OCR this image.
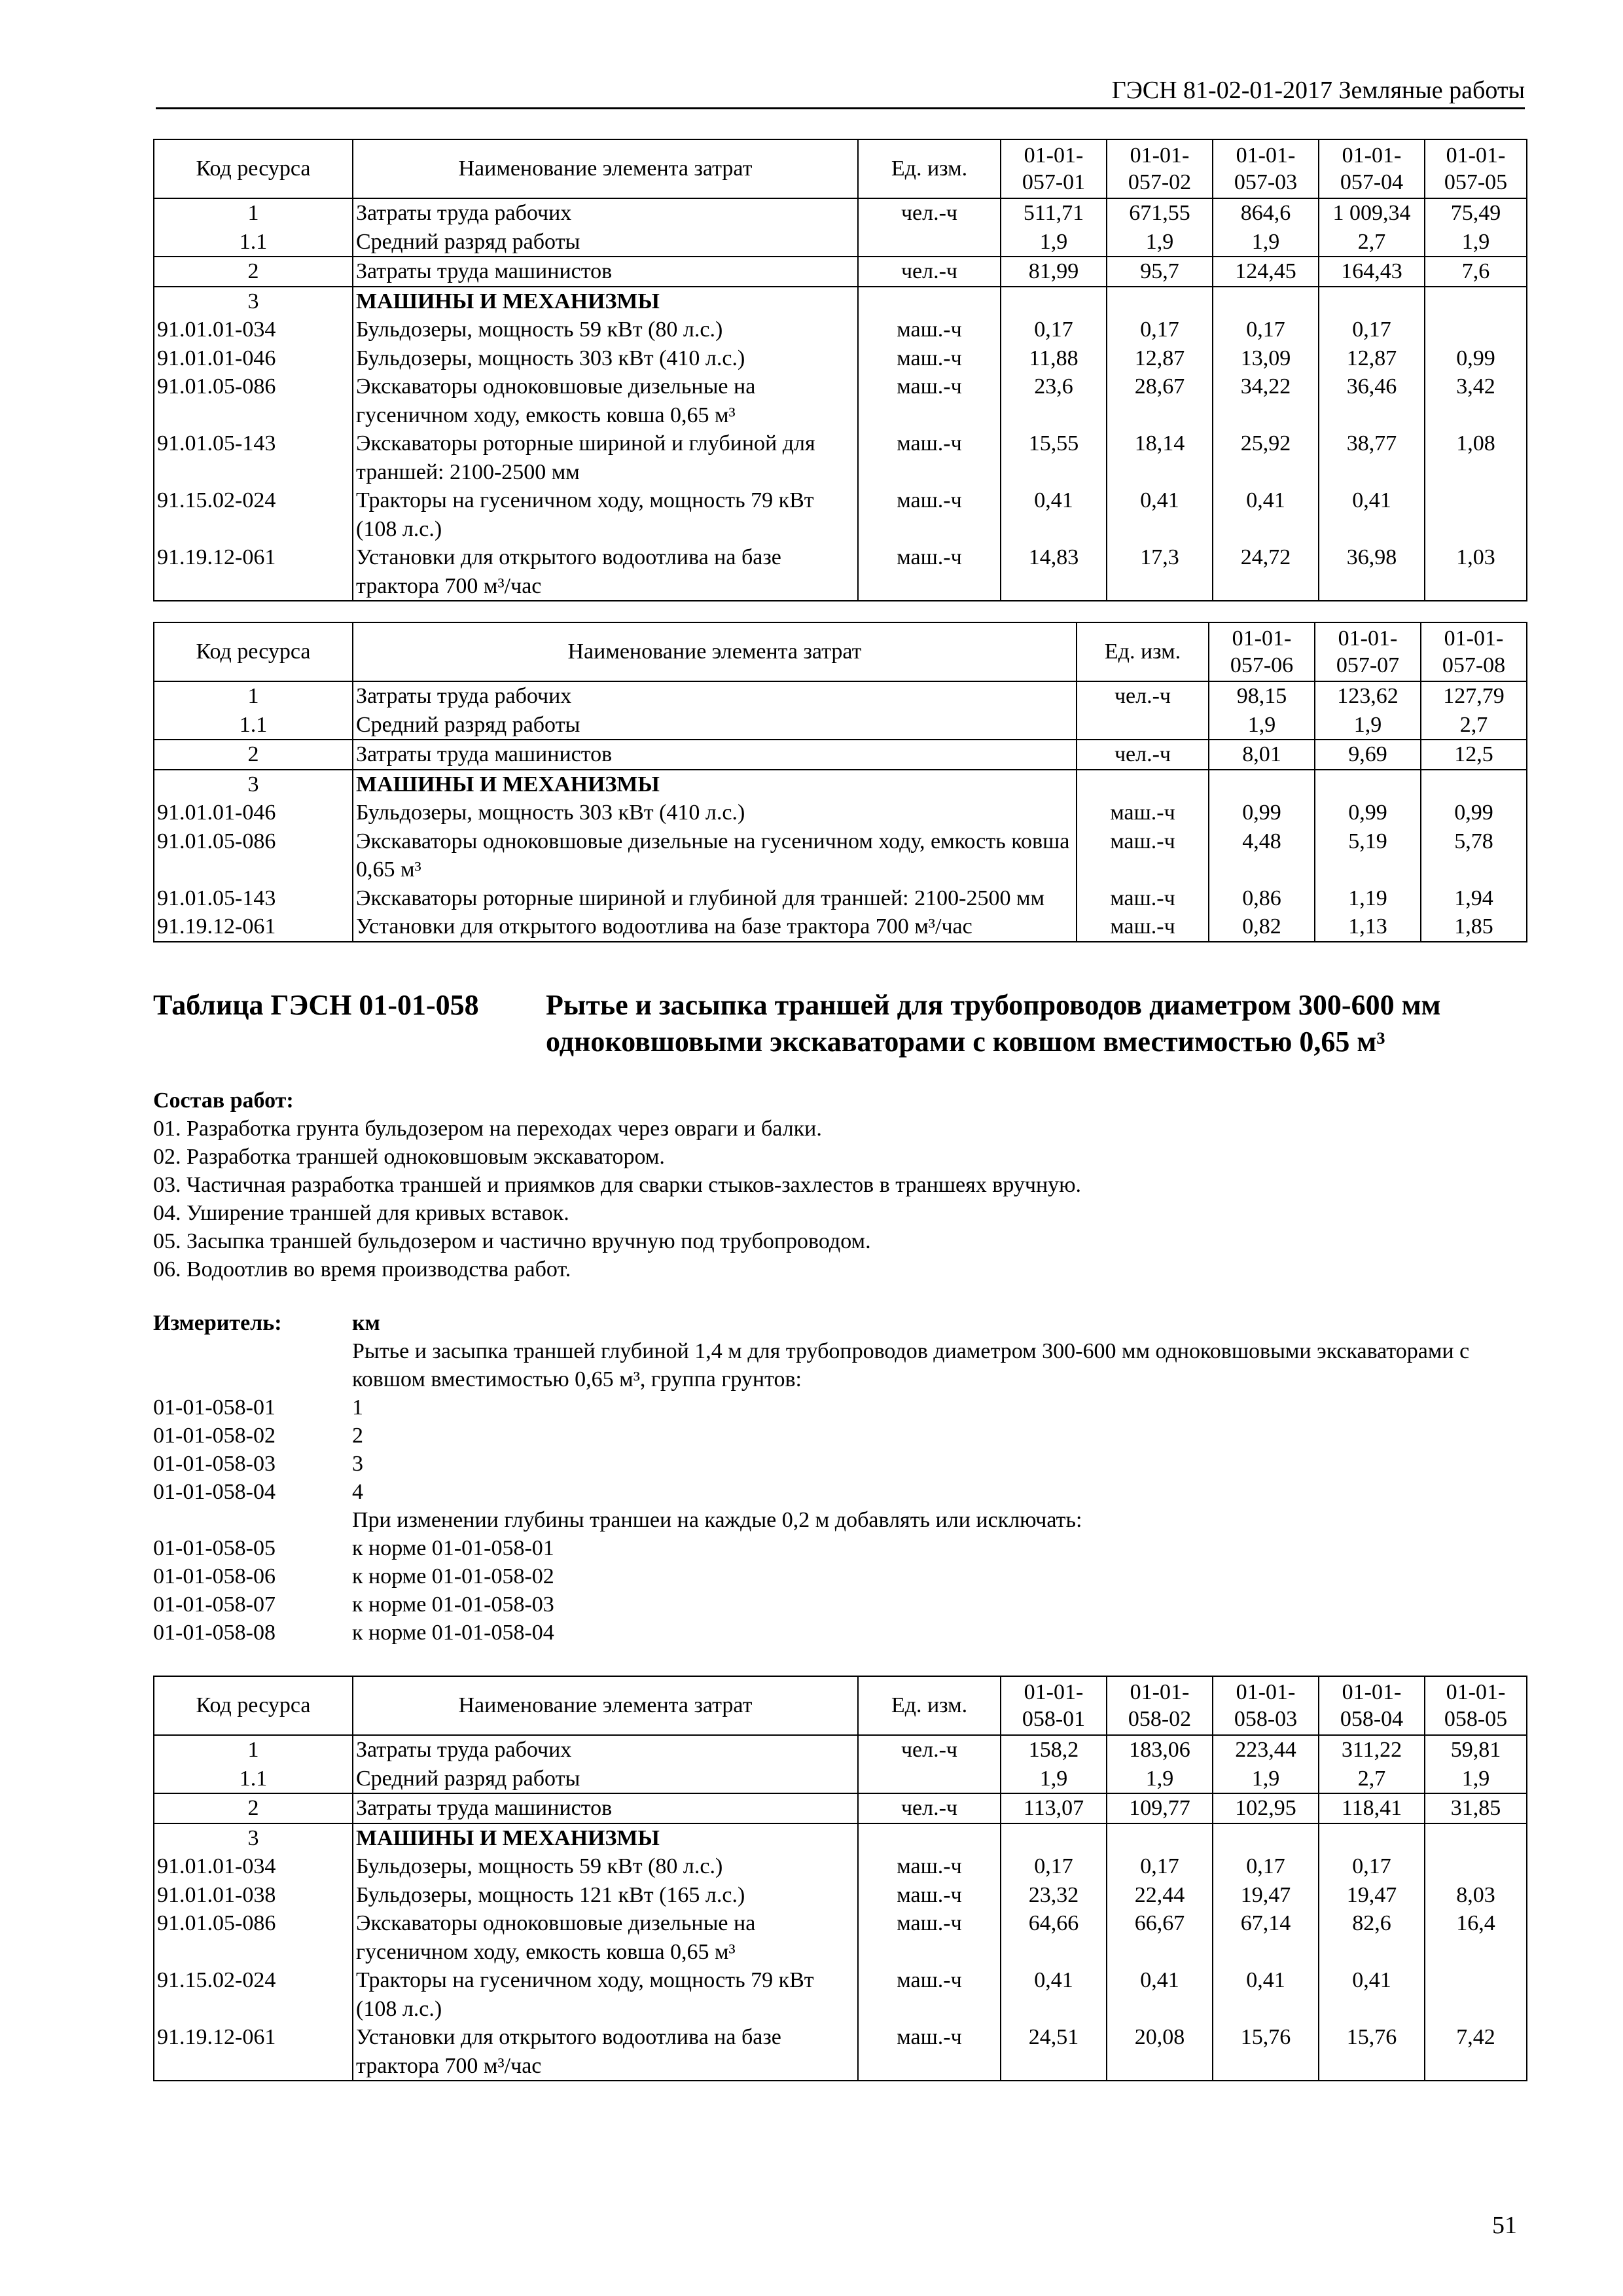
ГЭСН 81-02-01-2017 Земляные работы
Код ресурса	Наименование элемента затрат	Ед. изм.	01-01-057-01	01-01-057-02	01-01-057-03	01-01-057-04	01-01-057-05
1	Затраты труда рабочих	чел.-ч	511,71	671,55	864,6	1 009,34	75,49
1.1	Средний разряд работы		1,9	1,9	1,9	2,7	1,9
2	Затраты труда машинистов	чел.-ч	81,99	95,7	124,45	164,43	7,6
3	МАШИНЫ И МЕХАНИЗМЫ						
91.01.01-034	Бульдозеры, мощность 59 кВт (80 л.с.)	маш.-ч	0,17	0,17	0,17	0,17	
91.01.01-046	Бульдозеры, мощность 303 кВт (410 л.с.)	маш.-ч	11,88	12,87	13,09	12,87	0,99
91.01.05-086	Экскаваторы одноковшовые дизельные на гусеничном ходу, емкость ковша 0,65 м³	маш.-ч	23,6	28,67	34,22	36,46	3,42
91.01.05-143	Экскаваторы роторные шириной и глубиной для траншей: 2100-2500 мм	маш.-ч	15,55	18,14	25,92	38,77	1,08
91.15.02-024	Тракторы на гусеничном ходу, мощность 79 кВт (108 л.с.)	маш.-ч	0,41	0,41	0,41	0,41	
91.19.12-061	Установки для открытого водоотлива на базе трактора 700 м³/час	маш.-ч	14,83	17,3	24,72	36,98	1,03
Код ресурса	Наименование элемента затрат	Ед. изм.	01-01-057-06	01-01-057-07	01-01-057-08
1	Затраты труда рабочих	чел.-ч	98,15	123,62	127,79
1.1	Средний разряд работы		1,9	1,9	2,7
2	Затраты труда машинистов	чел.-ч	8,01	9,69	12,5
3	МАШИНЫ И МЕХАНИЗМЫ				
91.01.01-046	Бульдозеры, мощность 303 кВт (410 л.с.)	маш.-ч	0,99	0,99	0,99
91.01.05-086	Экскаваторы одноковшовые дизельные на гусеничном ходу, емкость ковша 0,65 м³	маш.-ч	4,48	5,19	5,78
91.01.05-143	Экскаваторы роторные шириной и глубиной для траншей: 2100-2500 мм	маш.-ч	0,86	1,19	1,94
91.19.12-061	Установки для открытого водоотлива на базе трактора 700 м³/час	маш.-ч	0,82	1,13	1,85
Таблица ГЭСН 01-01-058 Рытье и засыпка траншей для трубопроводов диаметром 300-600 мм одноковшовыми экскаваторами с ковшом вместимостью 0,65 м³
Состав работ:
01. Разработка грунта бульдозером на переходах через овраги и балки.
02. Разработка траншей одноковшовым экскаватором.
03. Частичная разработка траншей и приямков для сварки стыков-захлестов в траншеях вручную.
04. Уширение траншей для кривых вставок.
05. Засыпка траншей бульдозером и частично вручную под трубопроводом.
06. Водоотлив во время производства работ.
Измеритель:	км
Рытье и засыпка траншей глубиной 1,4 м для трубопроводов диаметром 300-600 мм одноковшовыми экскаваторами с ковшом вместимостью 0,65 м³, группа грунтов:
01-01-058-01	1
01-01-058-02	2
01-01-058-03	3
01-01-058-04	4
При изменении глубины траншеи на каждые 0,2 м добавлять или исключать:
01-01-058-05	к норме 01-01-058-01
01-01-058-06	к норме 01-01-058-02
01-01-058-07	к норме 01-01-058-03
01-01-058-08	к норме 01-01-058-04
Код ресурса	Наименование элемента затрат	Ед. изм.	01-01-058-01	01-01-058-02	01-01-058-03	01-01-058-04	01-01-058-05
1	Затраты труда рабочих	чел.-ч	158,2	183,06	223,44	311,22	59,81
1.1	Средний разряд работы		1,9	1,9	1,9	2,7	1,9
2	Затраты труда машинистов	чел.-ч	113,07	109,77	102,95	118,41	31,85
3	МАШИНЫ И МЕХАНИЗМЫ						
91.01.01-034	Бульдозеры, мощность 59 кВт (80 л.с.)	маш.-ч	0,17	0,17	0,17	0,17	
91.01.01-038	Бульдозеры, мощность 121 кВт (165 л.с.)	маш.-ч	23,32	22,44	19,47	19,47	8,03
91.01.05-086	Экскаваторы одноковшовые дизельные на гусеничном ходу, емкость ковша 0,65 м³	маш.-ч	64,66	66,67	67,14	82,6	16,4
91.15.02-024	Тракторы на гусеничном ходу, мощность 79 кВт (108 л.с.)	маш.-ч	0,41	0,41	0,41	0,41	
91.19.12-061	Установки для открытого водоотлива на базе трактора 700 м³/час	маш.-ч	24,51	20,08	15,76	15,76	7,42
51
